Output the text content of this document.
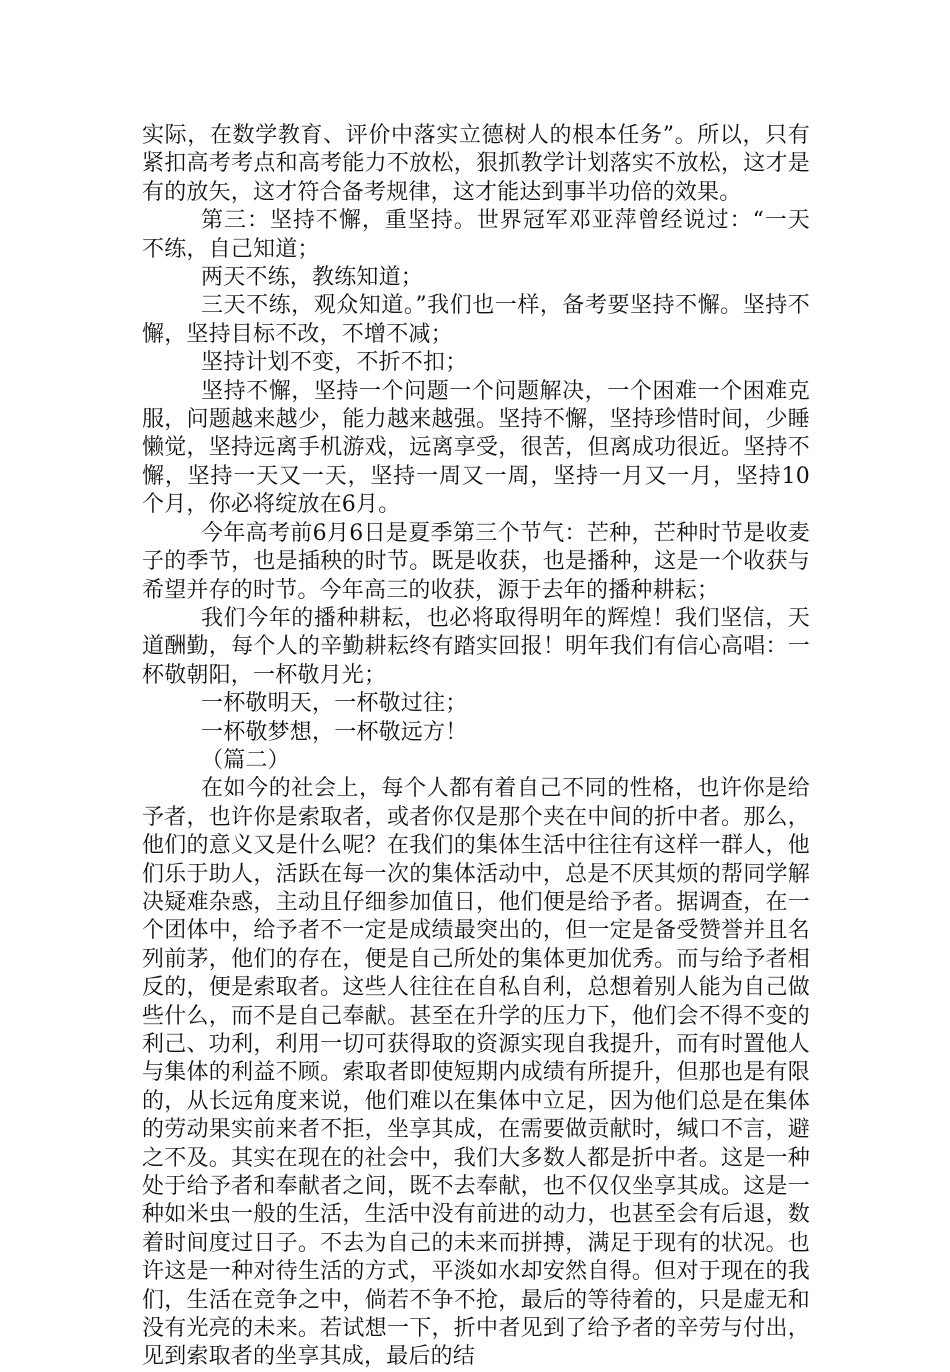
实际，在数学教育、评价中落实立德树人的根本任务”。所以，只有紧扣高考考点和高考能力不放松，狠抓教学计划落实不放松，这才是有的放矢，这才符合备考规律，这才能达到事半功倍的效果。

第三：坚持不懈，重坚持。世界冠军邓亚萍曾经说过：“一天不练，自己知道；

两天不练，教练知道；

三天不练，观众知道。”我们也一样，备考要坚持不懈。坚持不懈，坚持目标不改，不增不减；

坚持计划不变，不折不扣；

坚持不懈，坚持一个问题一个问题解决，一个困难一个困难克服，问题越来越少，能力越来越强。坚持不懈，坚持珍惜时间，少睡懒觉，坚持远离手机游戏，远离享受，很苦，但离成功很近。坚持不懈，坚持一天又一天，坚持一周又一周，坚持一月又一月，坚持10个月，你必将绽放在6月。

今年高考前6月6日是夏季第三个节气：芒种，芒种时节是收麦子的季节，也是插秧的时节。既是收获，也是播种，这是一个收获与希望并存的时节。今年高三的收获，源于去年的播种耕耘；

我们今年的播种耕耘，也必将取得明年的辉煌！我们坚信，天道酬勤，每个人的辛勤耕耘终有踏实回报！明年我们有信心高唱：一杯敬朝阳，一杯敬月光；

一杯敬明天，一杯敬过往；

一杯敬梦想，一杯敬远方！

（篇二）

在如今的社会上，每个人都有着自己不同的性格，也许你是给予者，也许你是索取者，或者你仅是那个夹在中间的折中者。那么，他们的意义又是什么呢？在我们的集体生活中往往有这样一群人，他们乐于助人，活跃在每一次的集体活动中，总是不厌其烦的帮同学解决疑难杂惑，主动且仔细参加值日，他们便是给予者。据调查，在一个团体中，给予者不一定是成绩最突出的，但一定是备受赞誉并且名列前茅，他们的存在，便是自己所处的集体更加优秀。而与给予者相反的，便是索取者。这些人往往在自私自利，总想着别人能为自己做些什么，而不是自己奉献。甚至在升学的压力下，他们会不得不变的利己、功利，利用一切可获得取的资源实现自我提升，而有时置他人与集体的利益不顾。索取者即使短期内成绩有所提升，但那也是有限的，从长远角度来说，他们难以在集体中立足，因为他们总是在集体的劳动果实前来者不拒，坐享其成，在需要做贡献时，缄口不言，避之不及。其实在现在的社会中，我们大多数人都是折中者。这是一种处于给予者和奉献者之间，既不去奉献，也不仅仅坐享其成。这是一种如米虫一般的生活，生活中没有前进的动力，也甚至会有后退，数着时间度过日子。不去为自己的未来而拼搏，满足于现有的状况。也许这是一种对待生活的方式，平淡如水却安然自得。但对于现在的我们，生活在竞争之中，倘若不争不抢，最后的等待着的，只是虚无和没有光亮的未来。若试想一下，折中者见到了给予者的辛劳与付出，见到索取者的坐享其成，最后的结
